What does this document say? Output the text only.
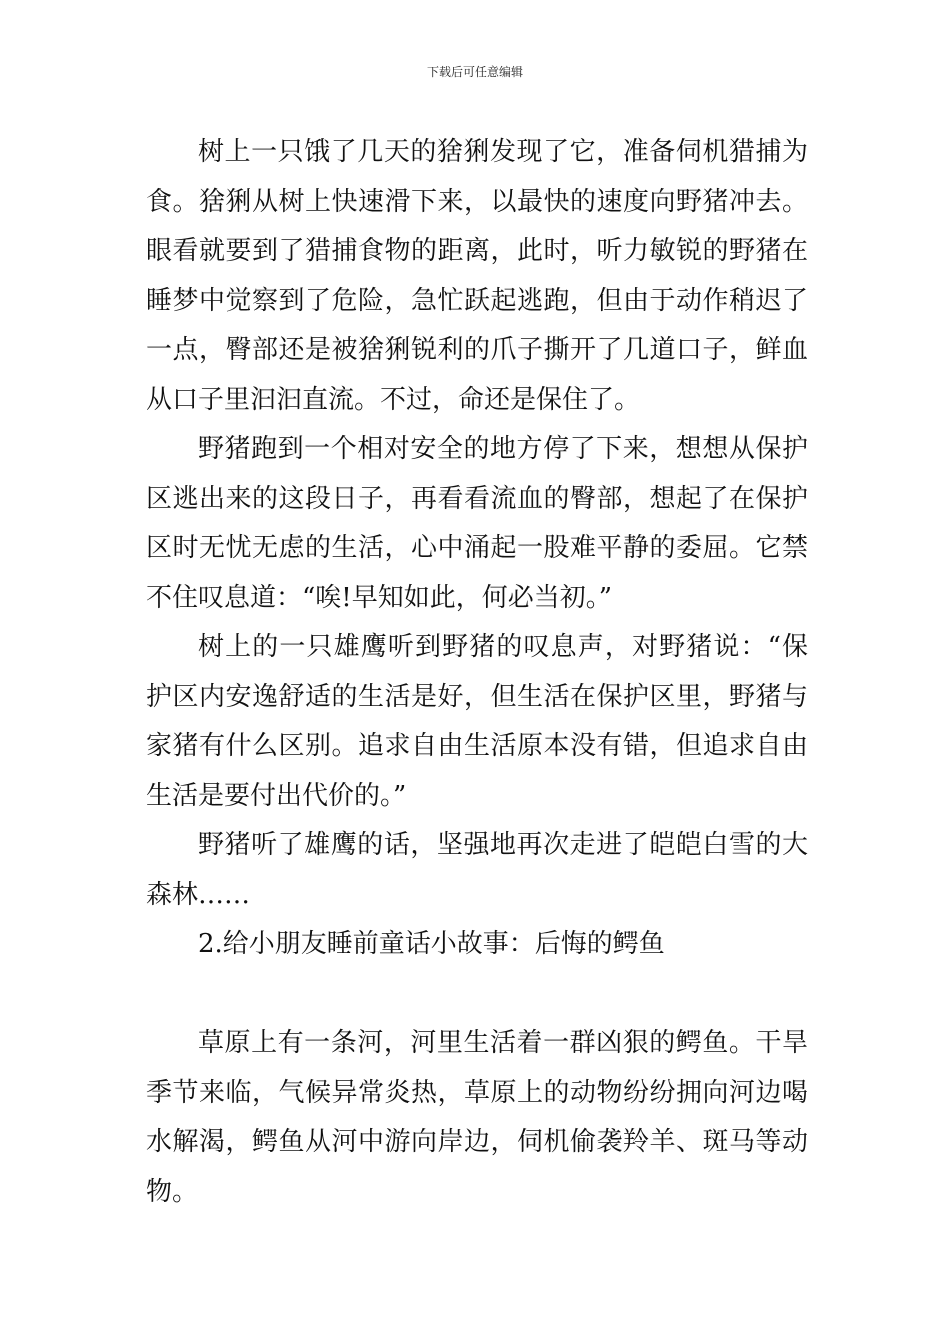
下载后可任意编辑

树上一只饿了几天的猞猁发现了它，准备伺机猎捕为食。猞猁从树上快速滑下来，以最快的速度向野猪冲去。眼看就要到了猎捕食物的距离，此时，听力敏锐的野猪在睡梦中觉察到了危险，急忙跃起逃跑，但由于动作稍迟了一点，臀部还是被猞猁锐利的爪子撕开了几道口子，鲜血从口子里汩汩直流。不过，命还是保住了。

野猪跑到一个相对安全的地方停了下来，想想从保护区逃出来的这段日子，再看看流血的臀部，想起了在保护区时无忧无虑的生活，心中涌起一股难平静的委屈。它禁不住叹息道：“唉!早知如此，何必当初。”

树上的一只雄鹰听到野猪的叹息声，对野猪说：“保护区内安逸舒适的生活是好，但生活在保护区里，野猪与家猪有什么区别。追求自由生活原本没有错，但追求自由生活是要付出代价的。”

野猪听了雄鹰的话，坚强地再次走进了皑皑白雪的大森林……

2.给小朋友睡前童话小故事：后悔的鳄鱼

草原上有一条河，河里生活着一群凶狠的鳄鱼。干旱季节来临，气候异常炎热，草原上的动物纷纷拥向河边喝水解渴，鳄鱼从河中游向岸边，伺机偷袭羚羊、斑马等动物。
